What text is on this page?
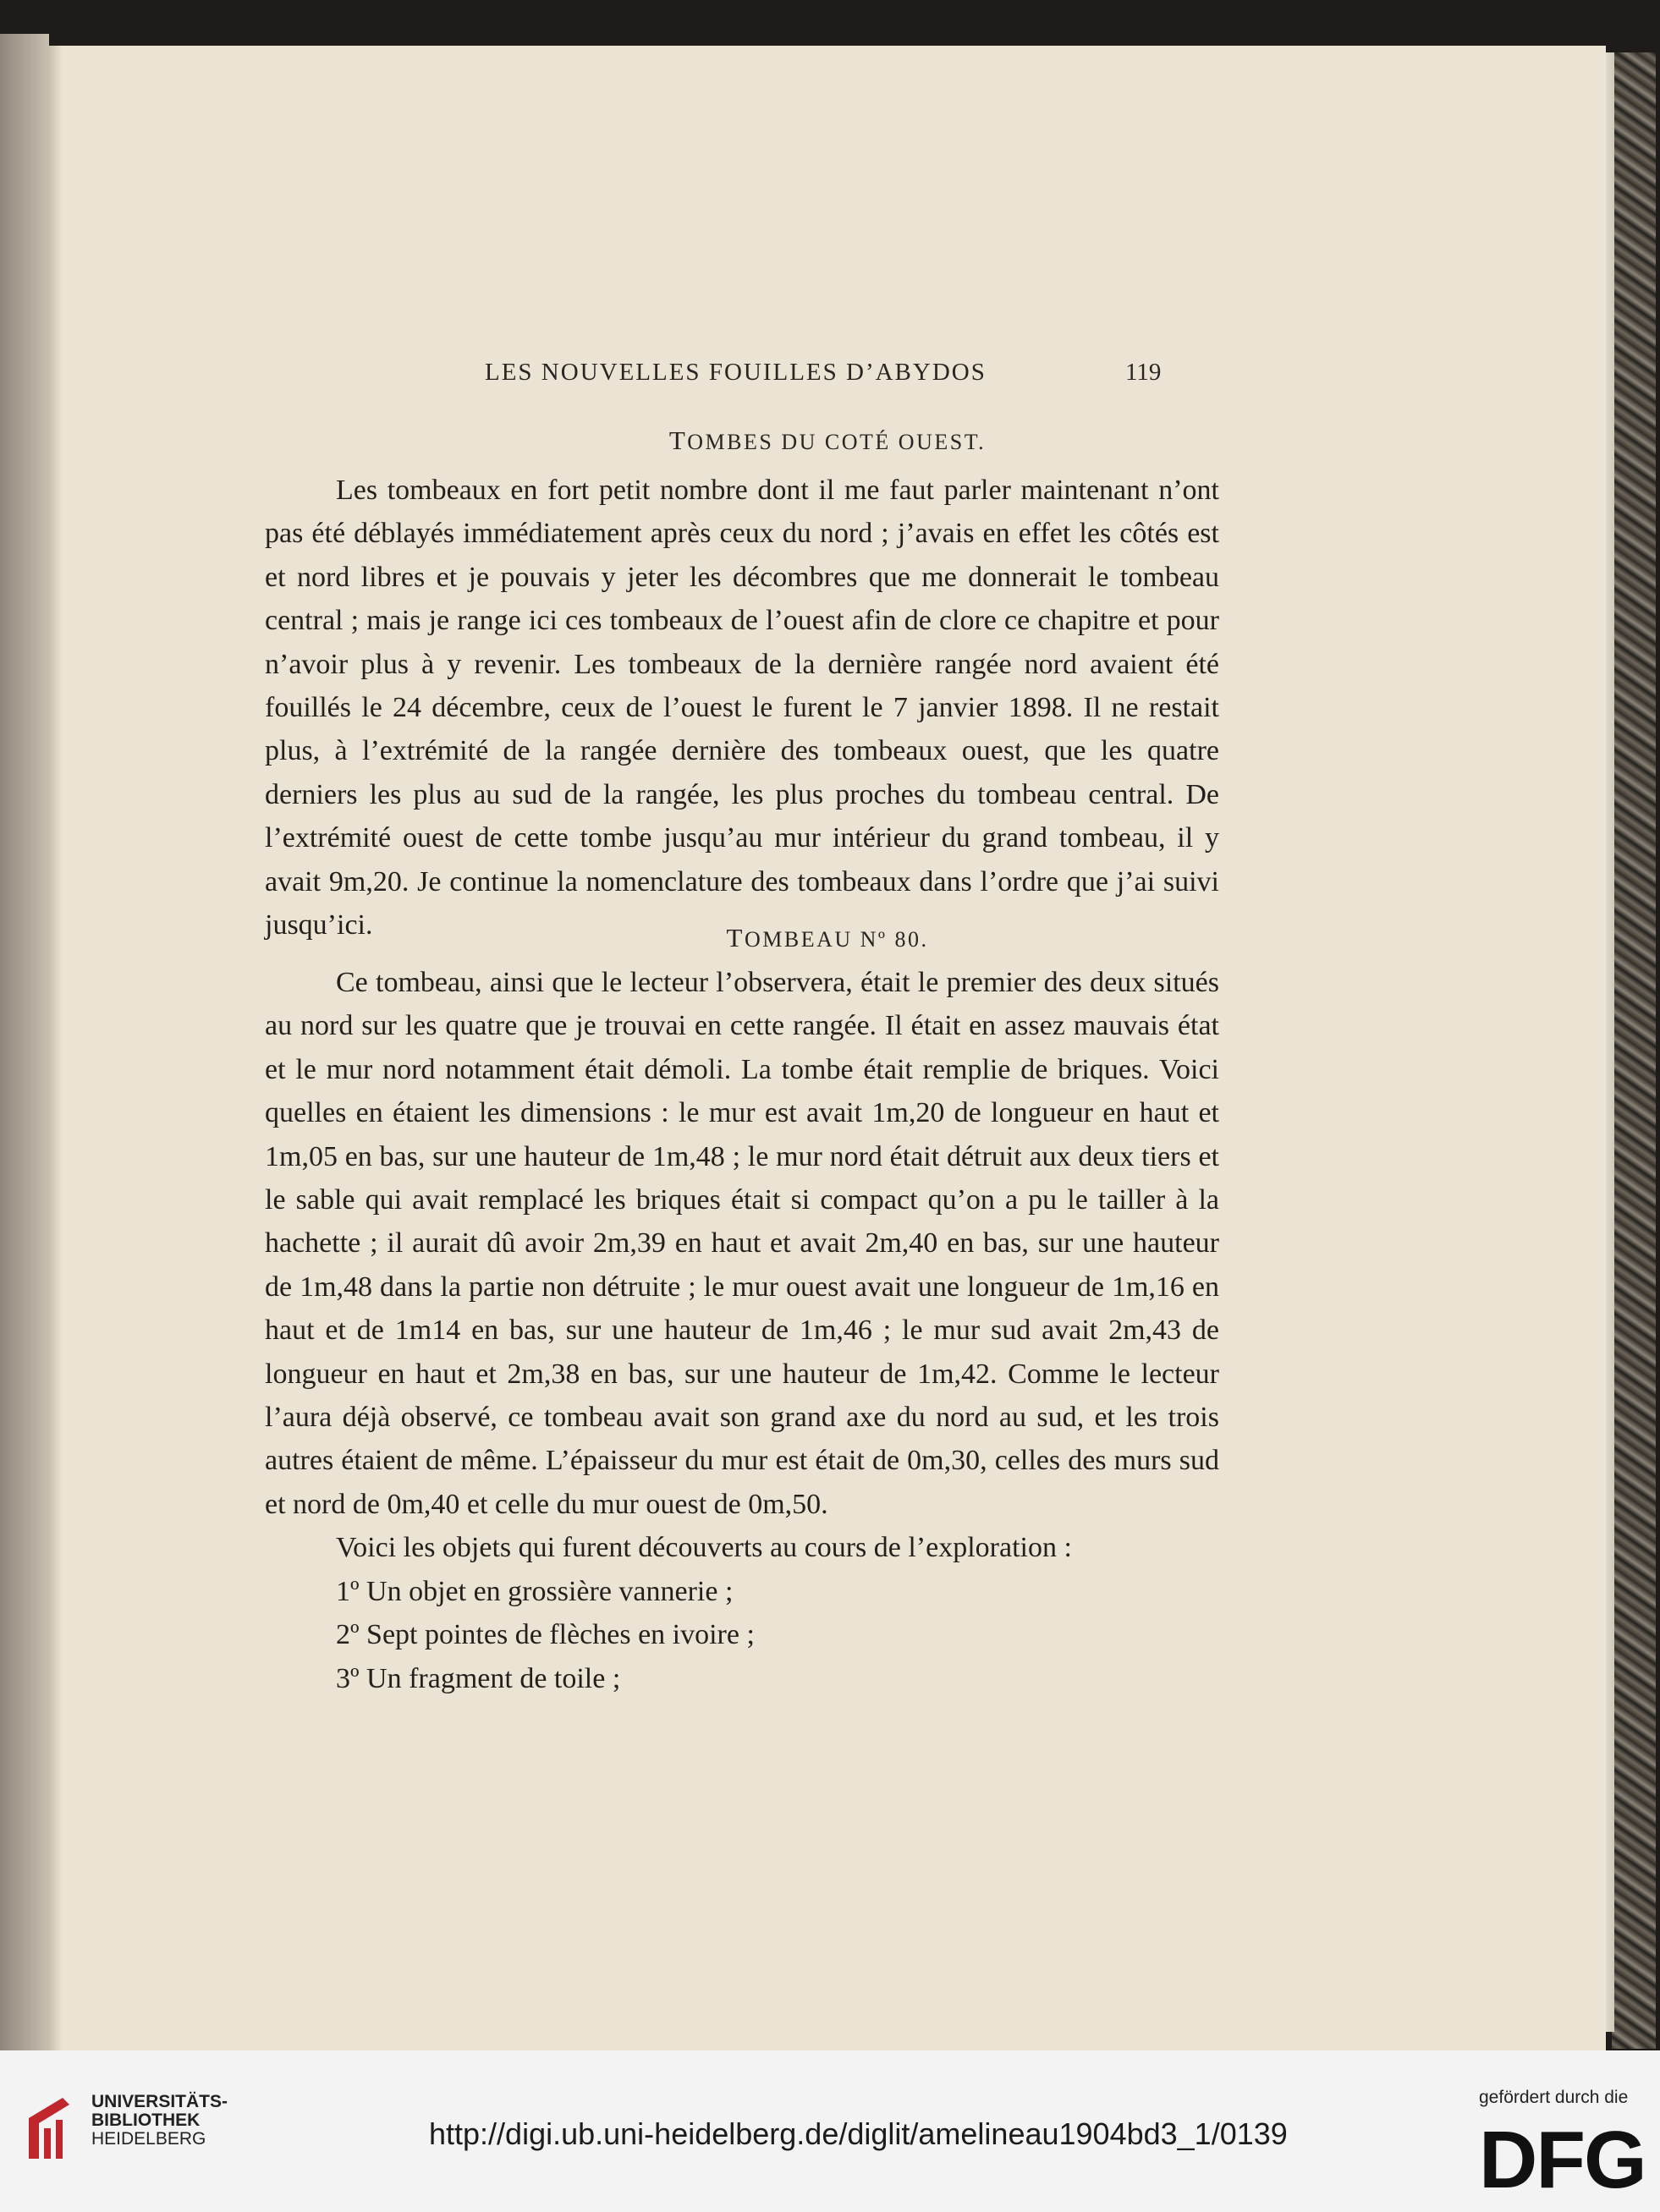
LES NOUVELLES FOUILLES D’ABYDOS	119
TOMBES DU COTÉ OUEST.

Les tombeaux en fort petit nombre dont il me faut parler maintenant n’ont pas été déblayés immédiatement après ceux du nord ; j’avais en effet les côtés est et nord libres et je pouvais y jeter les décombres que me donnerait le tombeau central ; mais je range ici ces tombeaux de l’ouest afin de clore ce chapitre et pour n’avoir plus à y revenir. Les tombeaux de la dernière rangée nord avaient été fouillés le 24 décembre, ceux de l’ouest le furent le 7 janvier 1898. Il ne restait plus, à l’extrémité de la rangée dernière des tombeaux ouest, que les quatre derniers les plus au sud de la rangée, les plus proches du tombeau central. De l’extrémité ouest de cette tombe jusqu’au mur intérieur du grand tombeau, il y avait 9m,20. Je continue la nomenclature des tombeaux dans l’ordre que j’ai suivi jusqu’ici.	TOMBEAU Nº 80.

Ce tombeau, ainsi que le lecteur l’observera, était le premier des deux situés au nord sur les quatre que je trouvai en cette rangée. Il était en assez mauvais état et le mur nord notamment était démoli. La tombe était remplie de briques. Voici quelles en étaient les dimensions : le mur est avait 1m,20 de longueur en haut et 1m,05 en bas, sur une hauteur de 1m,48 ; le mur nord était détruit aux deux tiers et le sable qui avait remplacé les briques était si compact qu’on a pu le tailler à la hachette ; il aurait dû avoir 2m,39 en haut et avait 2m,40 en bas, sur une hauteur de 1m,48 dans la partie non détruite ; le mur ouest avait une longueur de 1m,16 en haut et de 1m14 en bas, sur une hauteur de 1m,46 ; le mur sud avait 2m,43 de longueur en haut et 2m,38 en bas, sur une hauteur de 1m,42. Comme le lecteur l’aura déjà observé, ce tombeau avait son grand axe du nord au sud, et les trois autres étaient de même. L’épaisseur du mur est était de 0m,30, celles des murs sud et nord de 0m,40 et celle du mur ouest de 0m,50.

Voici les objets qui furent découverts au cours de l’exploration :

1º Un objet en grossière vannerie ;
2º Sept pointes de flèches en ivoire ;
3º Un fragment de toile ;
UNIVERSITÄTS-
BIBLIOTHEK
HEIDELBERG	http://digi.ub.uni-heidelberg.de/diglit/amelineau1904bd3_1/0139
gefördert durch die
DFG
